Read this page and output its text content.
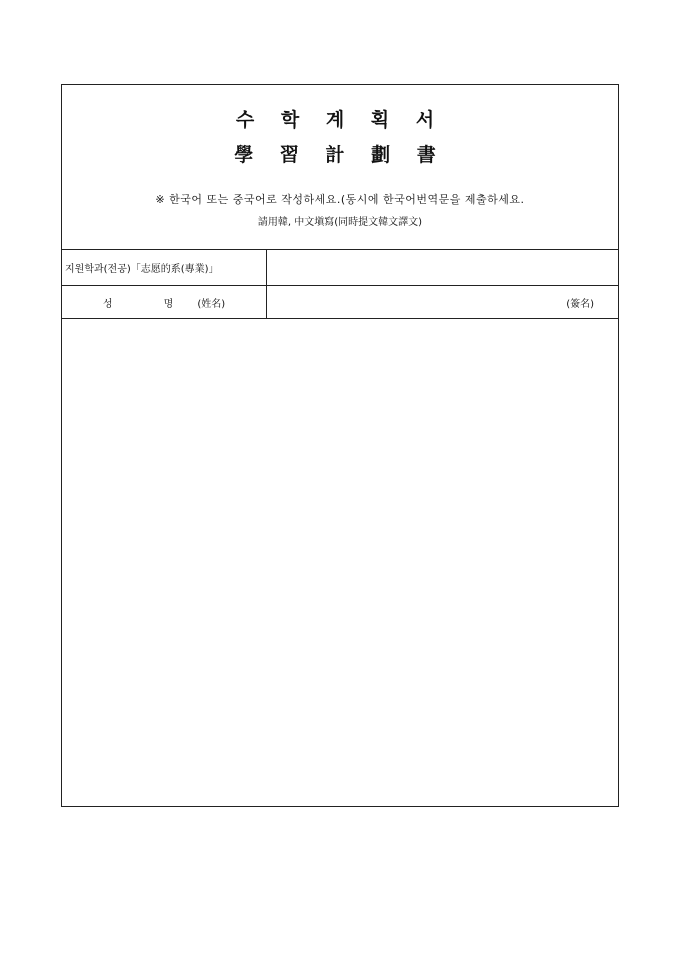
수 학 계 획 서
學 習 計 劃 書
※ 한국어 또는 중국어로 작성하세요.(동시에 한국어번역문을 제출하세요.
請用韓, 中文塡寫(同時提文韓文譯文)
지원학과(전공)「志愿的系(專業)」
성 명 (姓名)	(簽名)
